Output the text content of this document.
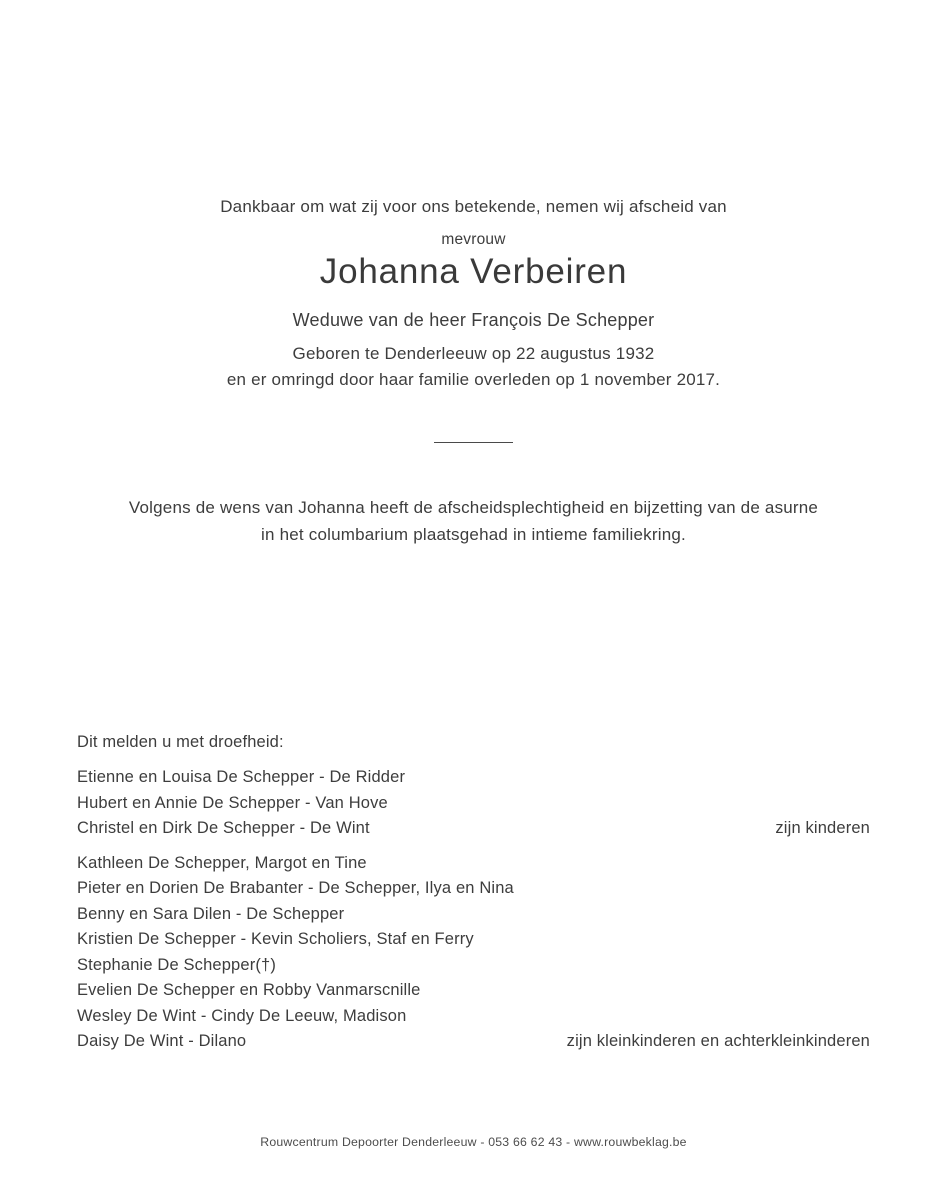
Dankbaar om wat zij voor ons betekende, nemen wij afscheid van

mevrouw

Johanna Verbeiren

Weduwe van de heer François De Schepper

Geboren te Denderleeuw op 22 augustus 1932

en er omringd door haar familie overleden op 1 november 2017.

Volgens de wens van Johanna heeft de afscheidsplechtigheid en bijzetting van de asurne

in het columbarium plaatsgehad in intieme familiekring.

Dit melden u met droefheid:

Etienne en Louisa De Schepper - De Ridder

Hubert en Annie De Schepper - Van Hove

Christel en Dirk De Schepper - De Wint	zijn kinderen

Kathleen De Schepper, Margot en Tine

Pieter en Dorien De Brabanter - De Schepper, Ilya en Nina

Benny en Sara Dilen - De Schepper

Kristien De Schepper - Kevin Scholiers, Staf en Ferry

Stephanie De Schepper(†)

Evelien De Schepper en Robby Vanmarscnille

Wesley De Wint - Cindy De Leeuw, Madison

Daisy De Wint - Dilano	zijn kleinkinderen en achterkleinkinderen

Rouwcentrum Depoorter Denderleeuw - 053 66 62 43 - www.rouwbeklag.be
